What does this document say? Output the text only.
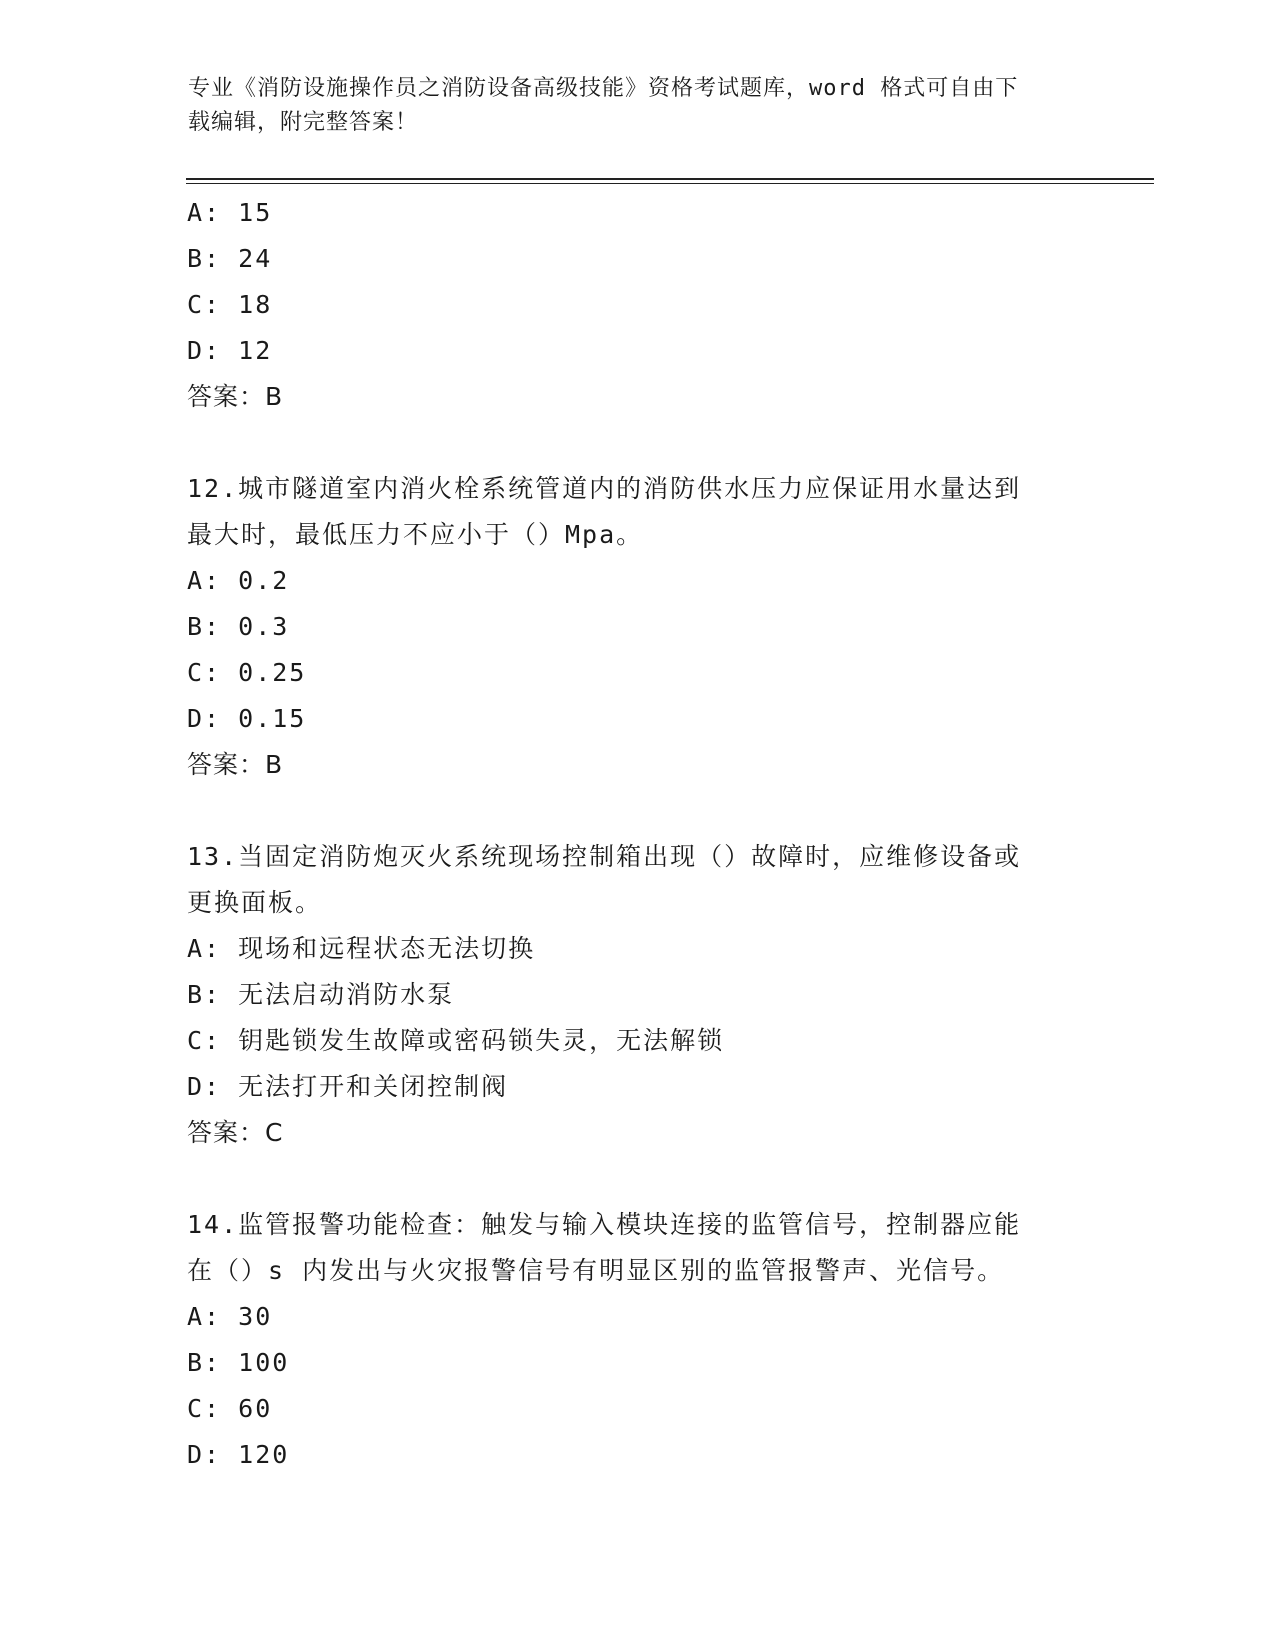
专业《消防设施操作员之消防设备高级技能》资格考试题库，word 格式可自由下
载编辑，附完整答案！
A: 15
B: 24
C: 18
D: 12
答案：B
12.城市隧道室内消火栓系统管道内的消防供水压力应保证用水量达到
最大时，最低压力不应小于（）Mpa。
A: 0.2
B: 0.3
C: 0.25
D: 0.15
答案：B
13.当固定消防炮灭火系统现场控制箱出现（）故障时，应维修设备或
更换面板。
A: 现场和远程状态无法切换
B: 无法启动消防水泵
C: 钥匙锁发生故障或密码锁失灵，无法解锁
D: 无法打开和关闭控制阀
答案：C
14.监管报警功能检查：触发与输入模块连接的监管信号，控制器应能
在（）s 内发出与火灾报警信号有明显区别的监管报警声、光信号。
A: 30
B: 100
C: 60
D: 120
